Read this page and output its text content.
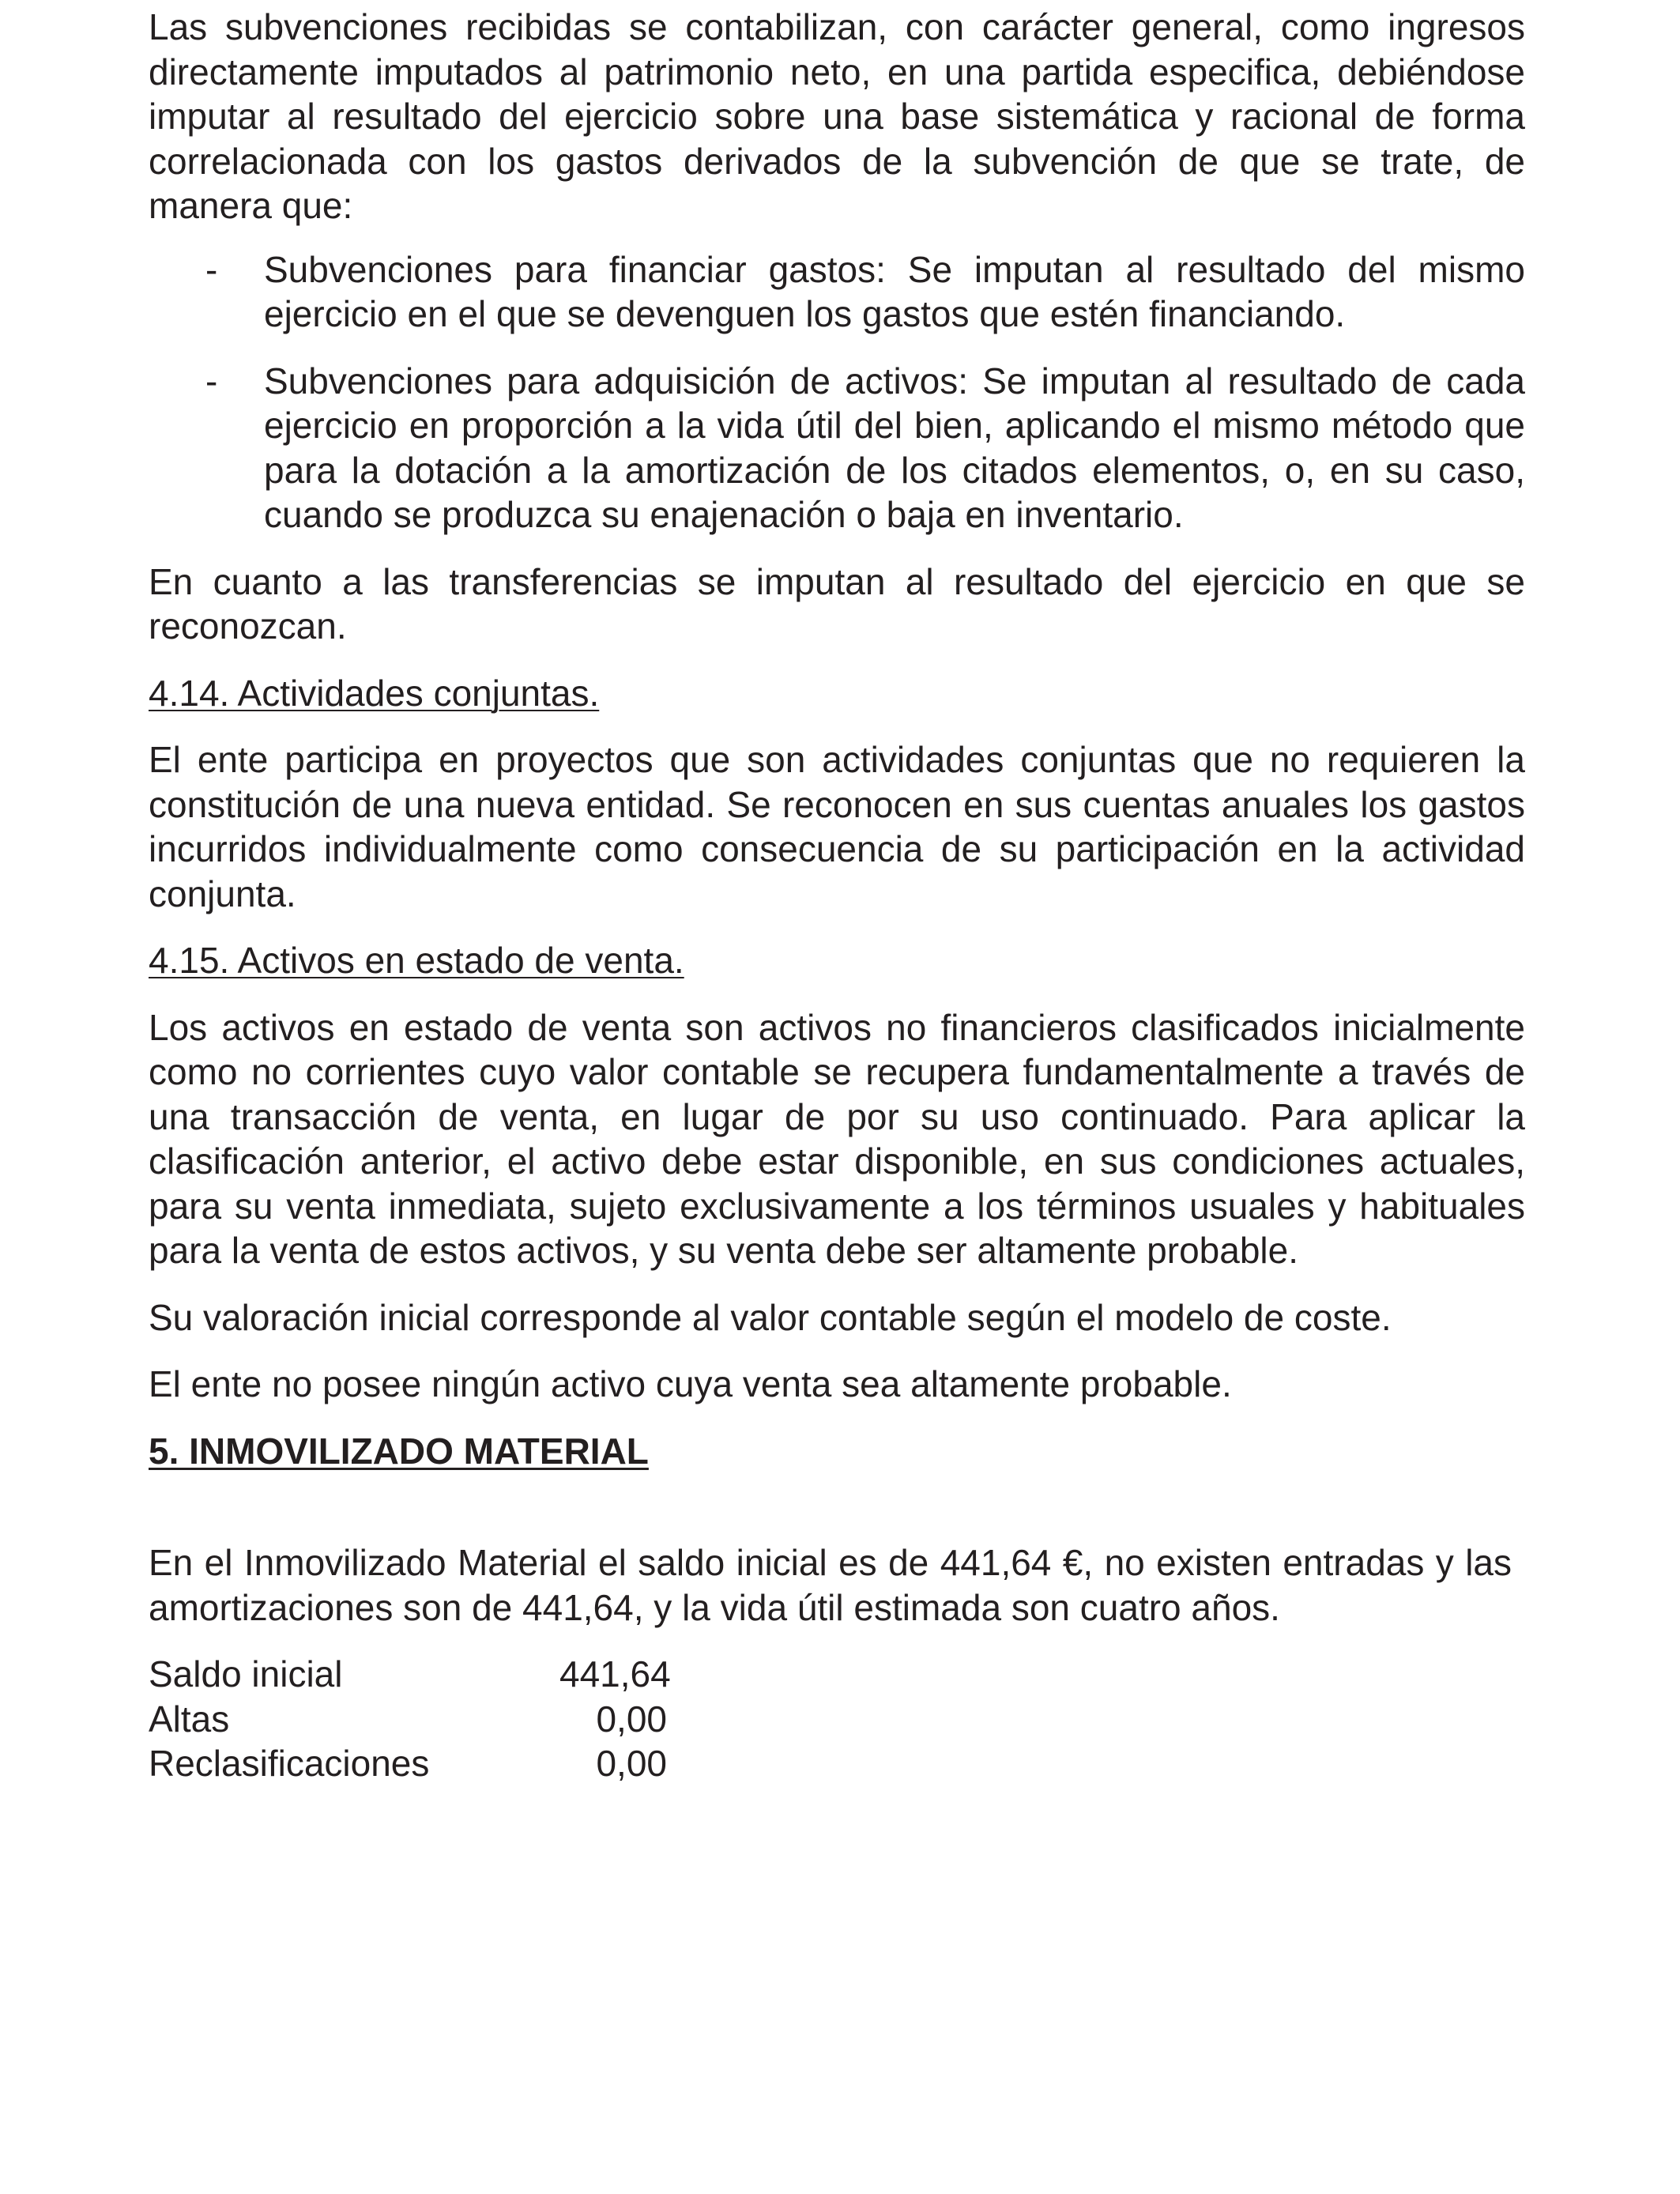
Las subvenciones recibidas se contabilizan, con carácter general, como ingresos directamente imputados al patrimonio neto, en una partida especifica, debiéndose imputar al resultado del ejercicio sobre una base sistemática y racional de forma correlacionada con los gastos derivados de la subvención de que se trate, de manera que:

- Subvenciones para financiar gastos: Se imputan al resultado del mismo ejercicio en el que se devenguen los gastos que estén financiando.
- Subvenciones para adquisición de activos: Se imputan al resultado de cada ejercicio en proporción a la vida útil del bien, aplicando el mismo método que para la dotación a la amortización de los citados elementos, o, en su caso, cuando se produzca su enajenación o baja en inventario.

En cuanto a las transferencias se imputan al resultado del ejercicio en que se reconozcan.

4.14. Actividades conjuntas.

El ente participa en proyectos que son actividades conjuntas que no requieren la constitución de una nueva entidad. Se reconocen en sus cuentas anuales los gastos incurridos individualmente como consecuencia de su participación en la actividad conjunta.

4.15. Activos en estado de venta.

Los activos en estado de venta son activos no financieros clasificados inicialmente como no corrientes cuyo valor contable se recupera fundamentalmente a través de una transacción de venta, en lugar de por su uso continuado. Para aplicar la clasificación anterior, el activo debe estar disponible, en sus condiciones actuales, para su venta inmediata, sujeto exclusivamente a los términos usuales y habituales para la venta de estos activos, y su venta debe ser altamente probable.

Su valoración inicial corresponde al valor contable según el modelo de coste.

El ente no posee ningún activo cuya venta sea altamente probable.

5. INMOVILIZADO MATERIAL

En el Inmovilizado Material el saldo inicial es de 441,64 €, no existen entradas y las amortizaciones son de 441,64, y la vida útil estimada son cuatro años.

Saldo inicial	441,64
Altas	0,00
Reclasificaciones	0,00
